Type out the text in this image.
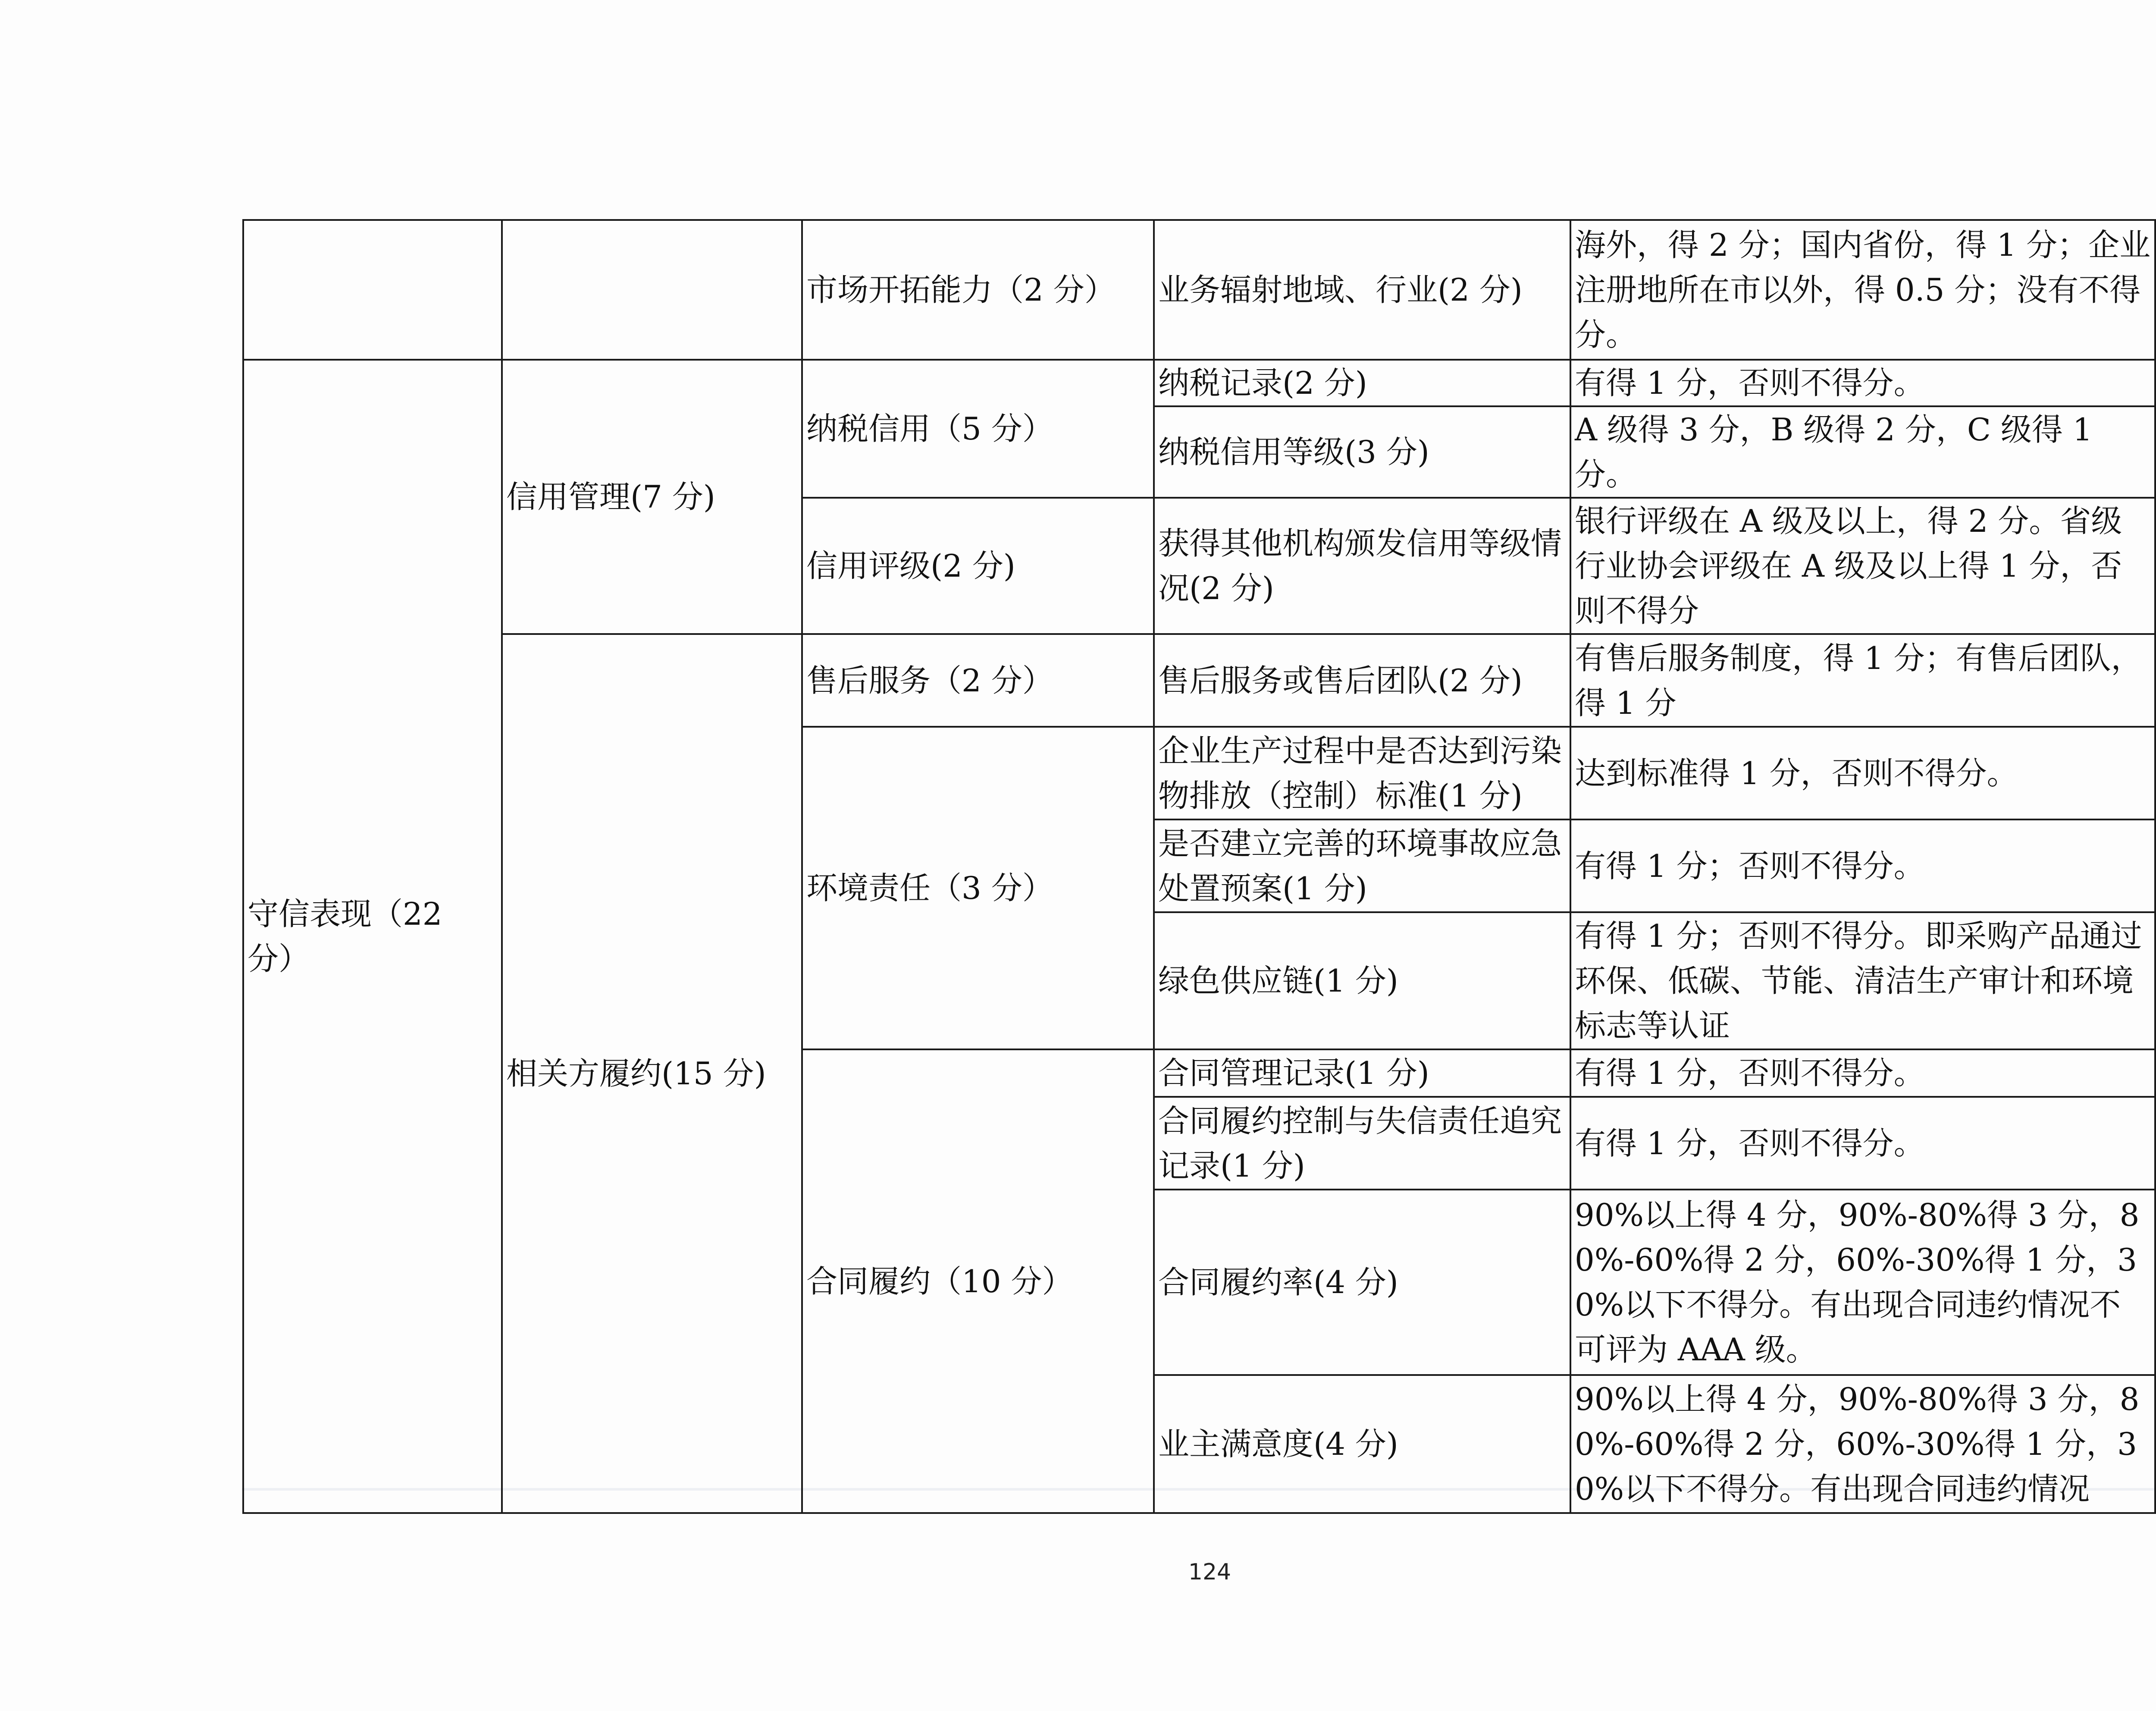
		市场开拓能力（2 分）	业务辐射地域、行业(2 分)	海外，得 2 分；国内省份，得 1 分；企业注册地所在市以外，得 0.5 分；没有不得分。
守信表现（22 分）	信用管理(7 分)	纳税信用（5 分）	纳税记录(2 分)	有得 1 分，否则不得分。
			纳税信用等级(3 分)	A 级得 3 分，B 级得 2 分，C 级得 1 分。
		信用评级(2 分)	获得其他机构颁发信用等级情况(2 分)	银行评级在 A 级及以上，得 2 分。省级行业协会评级在 A 级及以上得 1 分，否则不得分
	相关方履约(15 分)	售后服务（2 分）	售后服务或售后团队(2 分)	有售后服务制度，得 1 分；有售后团队，得 1 分
		环境责任（3 分）	企业生产过程中是否达到污染物排放（控制）标准(1 分)	达到标准得 1 分，否则不得分。
			是否建立完善的环境事故应急处置预案(1 分)	有得 1 分；否则不得分。
			绿色供应链(1 分)	有得 1 分；否则不得分。即采购产品通过环保、低碳、节能、清洁生产审计和环境标志等认证
		合同履约（10 分）	合同管理记录(1 分)	有得 1 分，否则不得分。
			合同履约控制与失信责任追究记录(1 分)	有得 1 分，否则不得分。
			合同履约率(4 分)	90%以上得 4 分，90%-80%得 3 分，80%-60%得 2 分，60%-30%得 1 分，30%以下不得分。有出现合同违约情况不可评为 AAA 级。
			业主满意度(4 分)	90%以上得 4 分，90%-80%得 3 分，80%-60%得 2 分，60%-30%得 1 分，30%以下不得分。有出现合同违约情况
124
